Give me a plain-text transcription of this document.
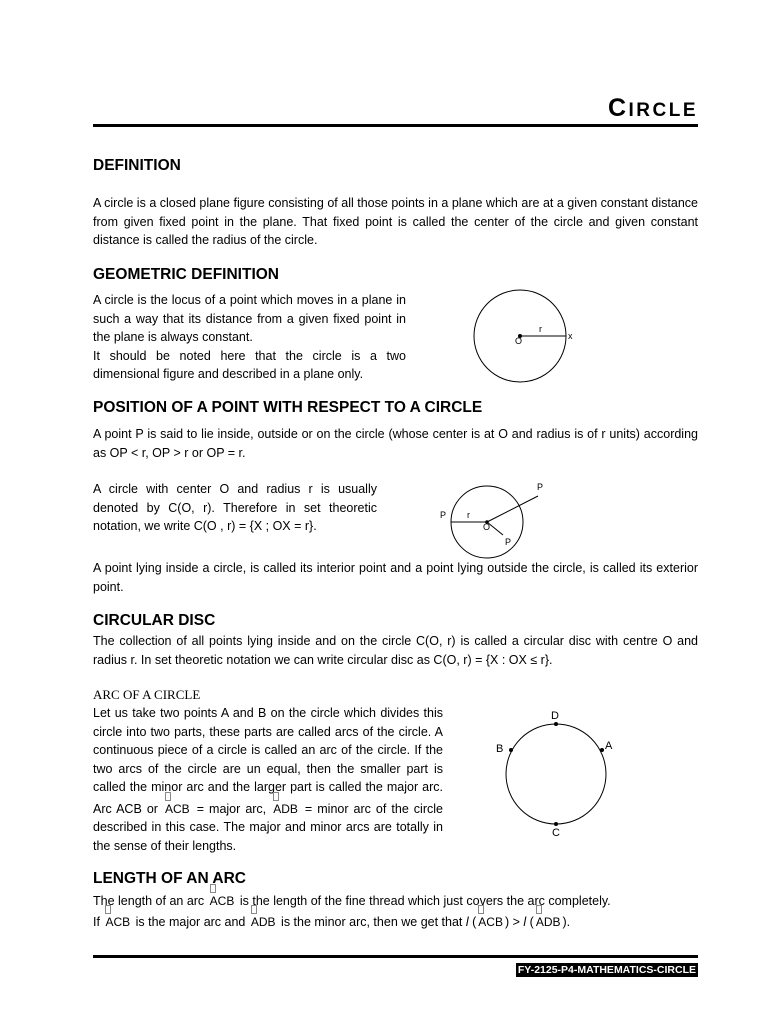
CIRCLE
DEFINITION
A circle is a closed plane figure consisting of all those points in a plane which are at a given constant distance from given fixed point in the plane. That fixed point is called the center of the circle and given constant distance is called the radius of the circle.
GEOMETRIC DEFINITION

A circle is the locus of a point which moves in a plane in such a way that its distance from a given fixed point in the plane is always constant.

It should be noted here that the circle is a two dimensional figure and described in a plane only.

O
r
x
POSITION OF A POINT WITH RESPECT TO A CIRCLE
A point P is said to lie inside, outside or on the circle (whose center is at O and radius is of r units) according as OP < r, OP > r or OP = r.
A circle with center O and radius r is usually denoted by C(O, r). Therefore in set theoretic notation, we write C(O , r) = {X ; OX = r}.
P r
O
P
P
A point lying inside a circle, is called its interior point and a point lying outside the circle, is called its exterior point.
CIRCULAR DISC
The collection of all points lying inside and on the circle C(O, r) is called a circular disc with centre O and radius r. In set theoretic notation we can write circular disc as C(O, r) = {X : OX ≤ r}.
ARC OF A CIRCLE
Let us take two points A and B on the circle which divides this circle into two parts, these parts are called arcs of the circle. A continuous piece of a circle is called an arc of the circle. If the two arcs of the circle are un equal, then the smaller part is called the minor arc and the larger part is called the major arc. Arc ACB or ACB = major arc, ADB = minor arc of the circle described in this case. The major and minor arcs are totally in the sense of their lengths.
D
A
B
C
LENGTH OF AN ARC
The length of an arc ACB is the length of the fine thread which just covers the arc completely.
If ACB is the major arc and ADB is the minor arc, then we get that l ( ACB ) > l ( ADB ).
FY-2125-P4-MATHEMATICS-CIRCLE
